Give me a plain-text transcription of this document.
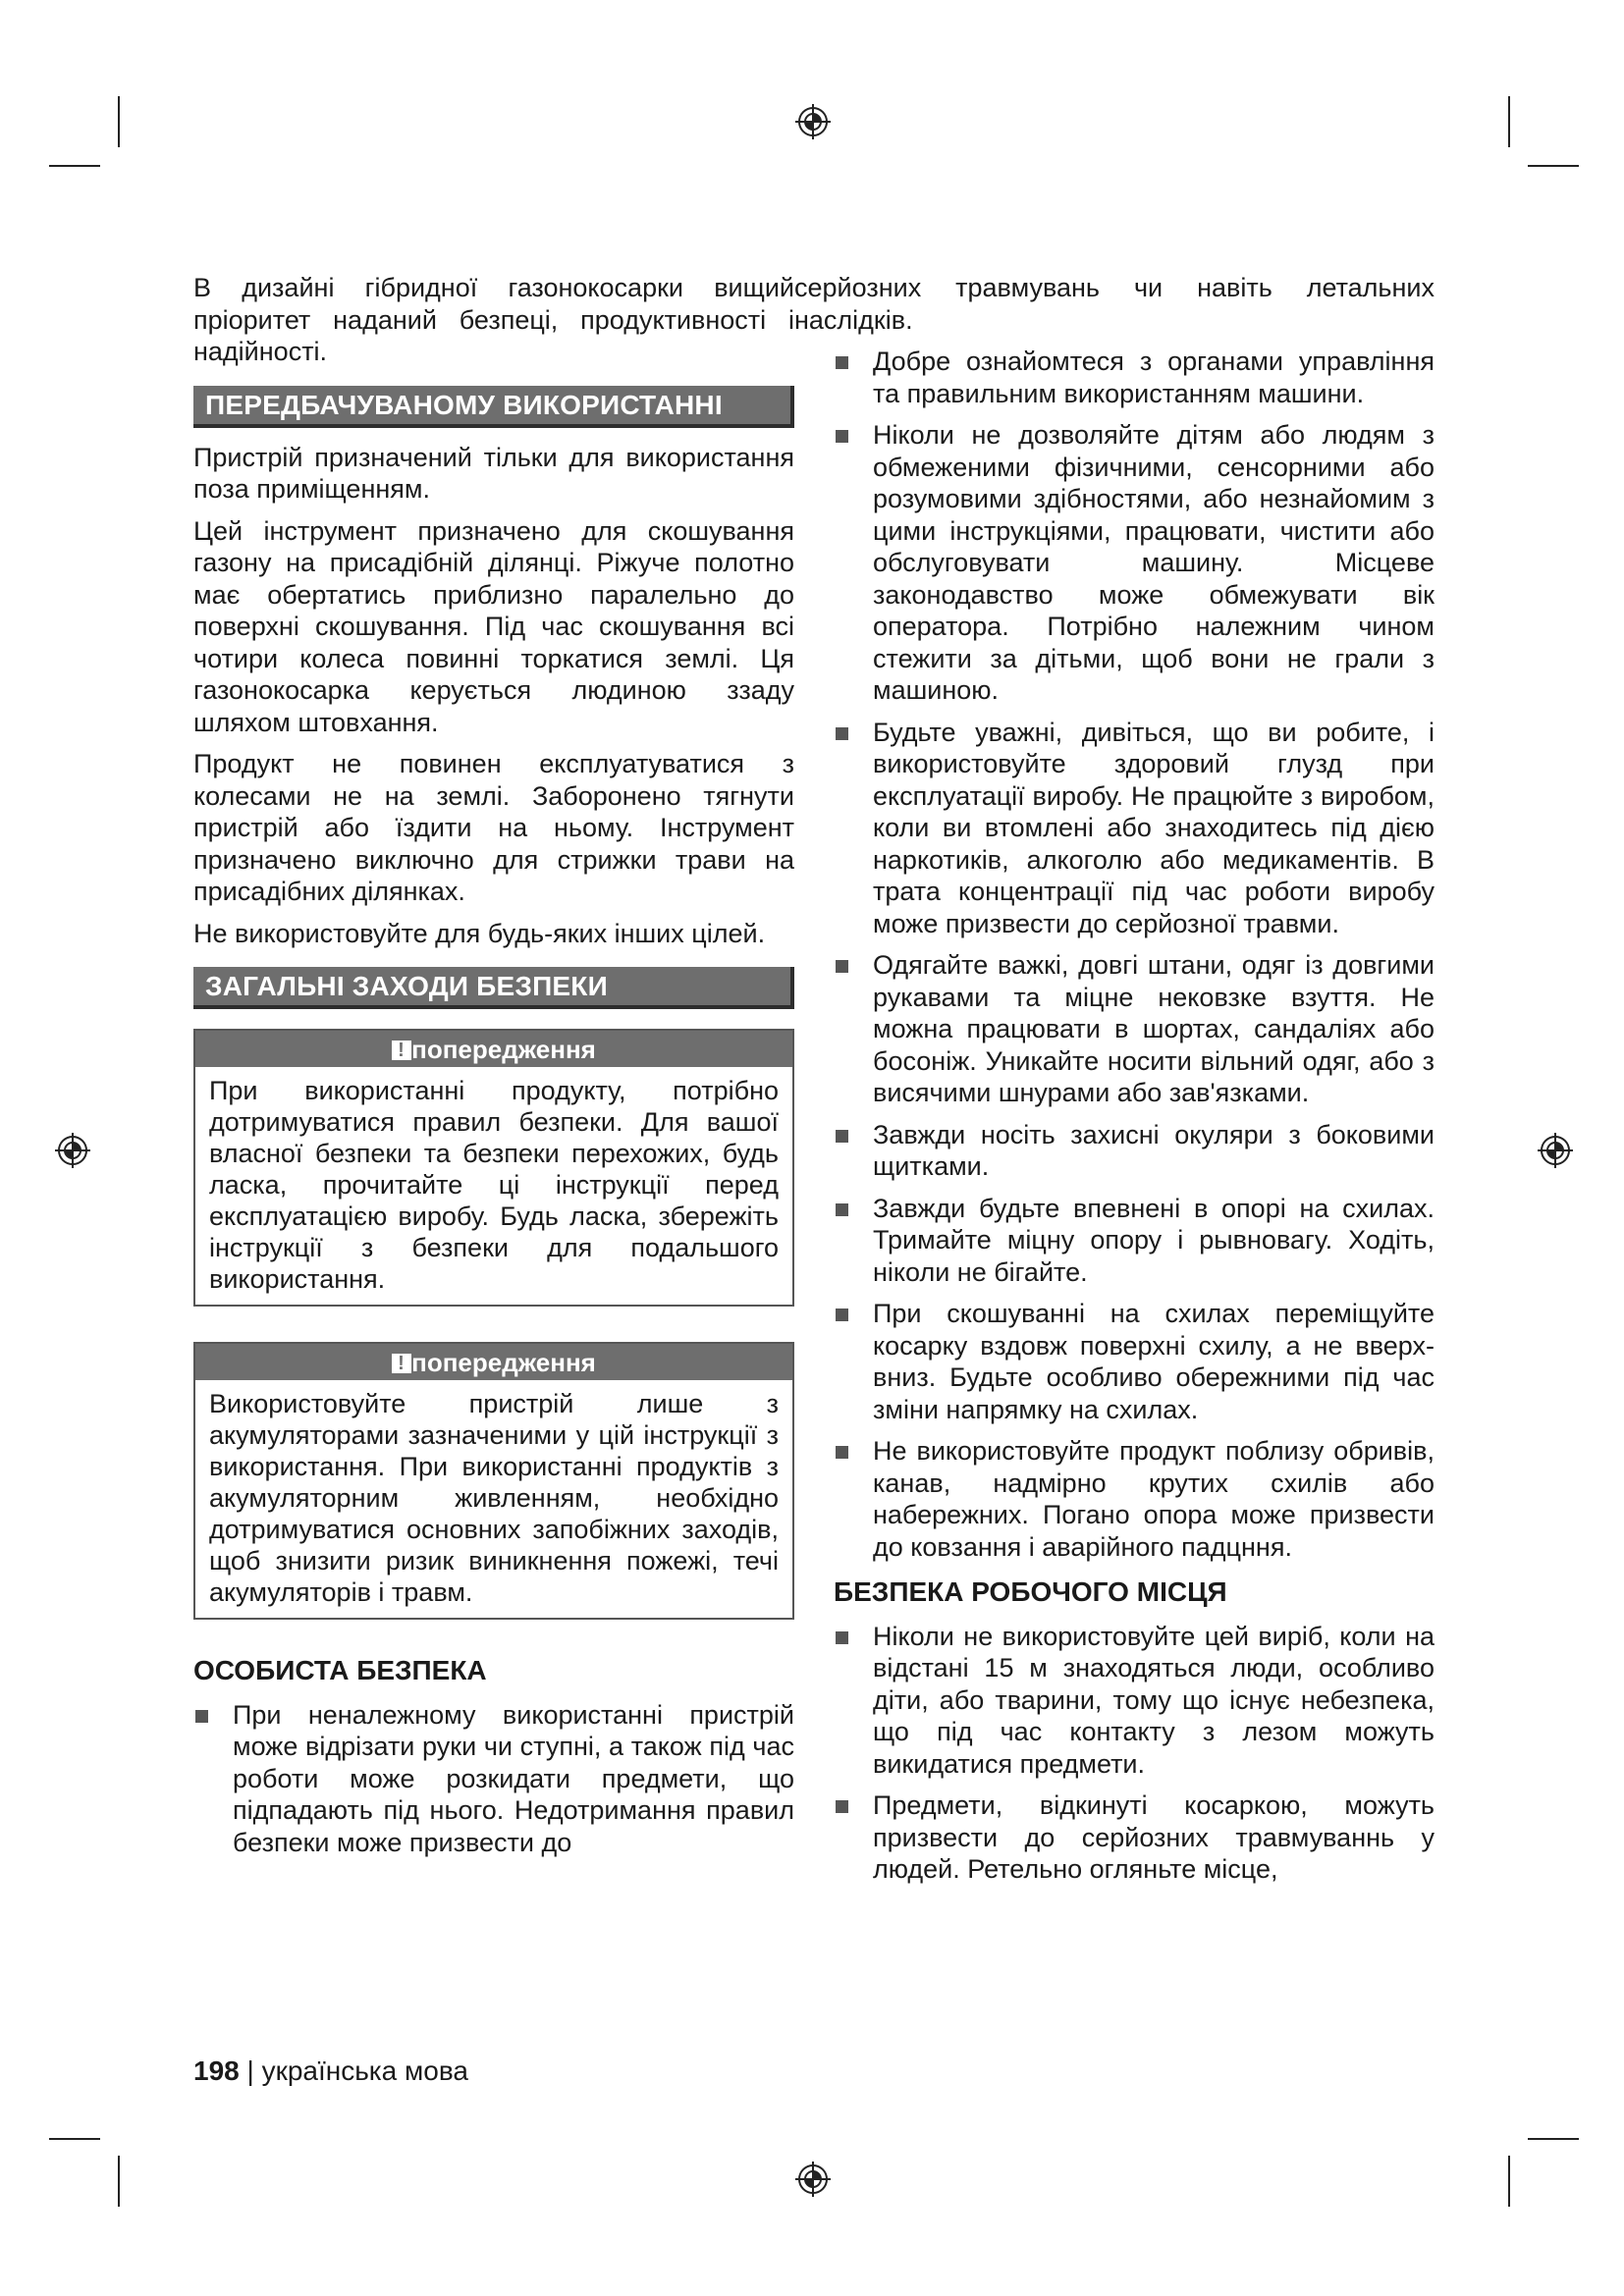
В дизайні гібридної газонокосарки вищий пріоритет наданий безпеці, продуктивності і надійності.

ПЕРЕДБАЧУВАНОМУ ВИКОРИСТАННІ

Пристрій призначений тільки для використання поза приміщенням.

Цей інструмент призначено для скошування газону на присадібній ділянці. Ріжуче полотно має обертатись приблизно паралельно до поверхні скошування. Під час скошування всі чотири колеса повинні торкатися землі. Ця газонокосарка керується людиною ззаду шляхом штовхання.

Продукт не повинен експлуатуватися з колесами не на землі. Заборонено тягнути пристрій або їздити на ньому. Інструмент призначено виключно для стрижки трави на присадібних ділянках.

Не використовуйте для будь-яких інших цілей.

ЗАГАЛЬНІ ЗАХОДИ БЕЗПЕКИ
!попередження
При використанні продукту, потрібно дотримуватися правил безпеки. Для вашої власної безпеки та безпеки перехожих, будь ласка, прочитайте ці інструкції перед експлуатацією виробу. Будь ласка, збережіть інструкції з безпеки для подальшого використання.
!попередження
Використовуйте пристрій лише з акумуляторами зазначеними у цій інструкції з використання. При використанні продуктів з акумуляторним живленням, необхідно дотримуватися основних запобіжних заходів, щоб знизити ризик виникнення пожежі, течі акумуляторів і травм.
ОСОБИСТА БЕЗПЕКА
При неналежному використанні пристрій може відрізати руки чи ступні, а також під час роботи може розкидати предмети, що підпадають під нього. Недотримання правил безпеки може призвести до

серйозних травмувань чи навіть летальних наслідків.

Добре ознайомтеся з органами управління та правильним використанням машини.
Ніколи не дозволяйте дітям або людям з обмеженими фізичними, сенсорними або розумовими здібностями, або незнайомим з цими інструкціями, працювати, чистити або обслуговувати машину. Місцеве законодавство може обмежувати вік оператора. Потрібно належним чином стежити за дітьми, щоб вони не грали з машиною.
Будьте уважні, дивіться, що ви робите, і використовуйте здоровий глузд при експлуатації виробу. Не працюйте з виробом, коли ви втомлені або знаходитесь під дією наркотиків, алкоголю або медикаментів. В трата концентрації під час роботи виробу може призвести до серйозної травми.
Одягайте важкі, довгі штани, одяг із довгими рукавами та міцне нековзке взуття. Не можна працювати в шортах, сандаліях або босоніж. Уникайте носити вільний одяг, або з висячими шнурами або зав'язками.
Завжди носіть захисні окуляри з боковими щитками.
Завжди будьте впевнені в опорі на схилах. Тримайте міцну опору і рывновагу. Ходіть, ніколи не бігайте.
При скошуванні на схилах переміщуйте косарку вздовж поверхні схилу, а не вверх-вниз. Будьте особливо обережними під час зміни напрямку на схилах.
Не використовуйте продукт поблизу обривів, канав, надмірно крутих схилів або набережних. Погано опора може призвести до ковзання і аварійного падцння.
БЕЗПЕКА РОБОЧОГО МІСЦЯ
Ніколи не використовуйте цей виріб, коли на відстані 15 м знаходяться люди, особливо діти, або тварини, тому що існує небезпека, що під час контакту з лезом можуть викидатися предмети.
Предмети, відкинуті косаркою, можуть призвести до серйозних травмуваннь у людей. Ретельно огляньте місце,
198 | українська мова
